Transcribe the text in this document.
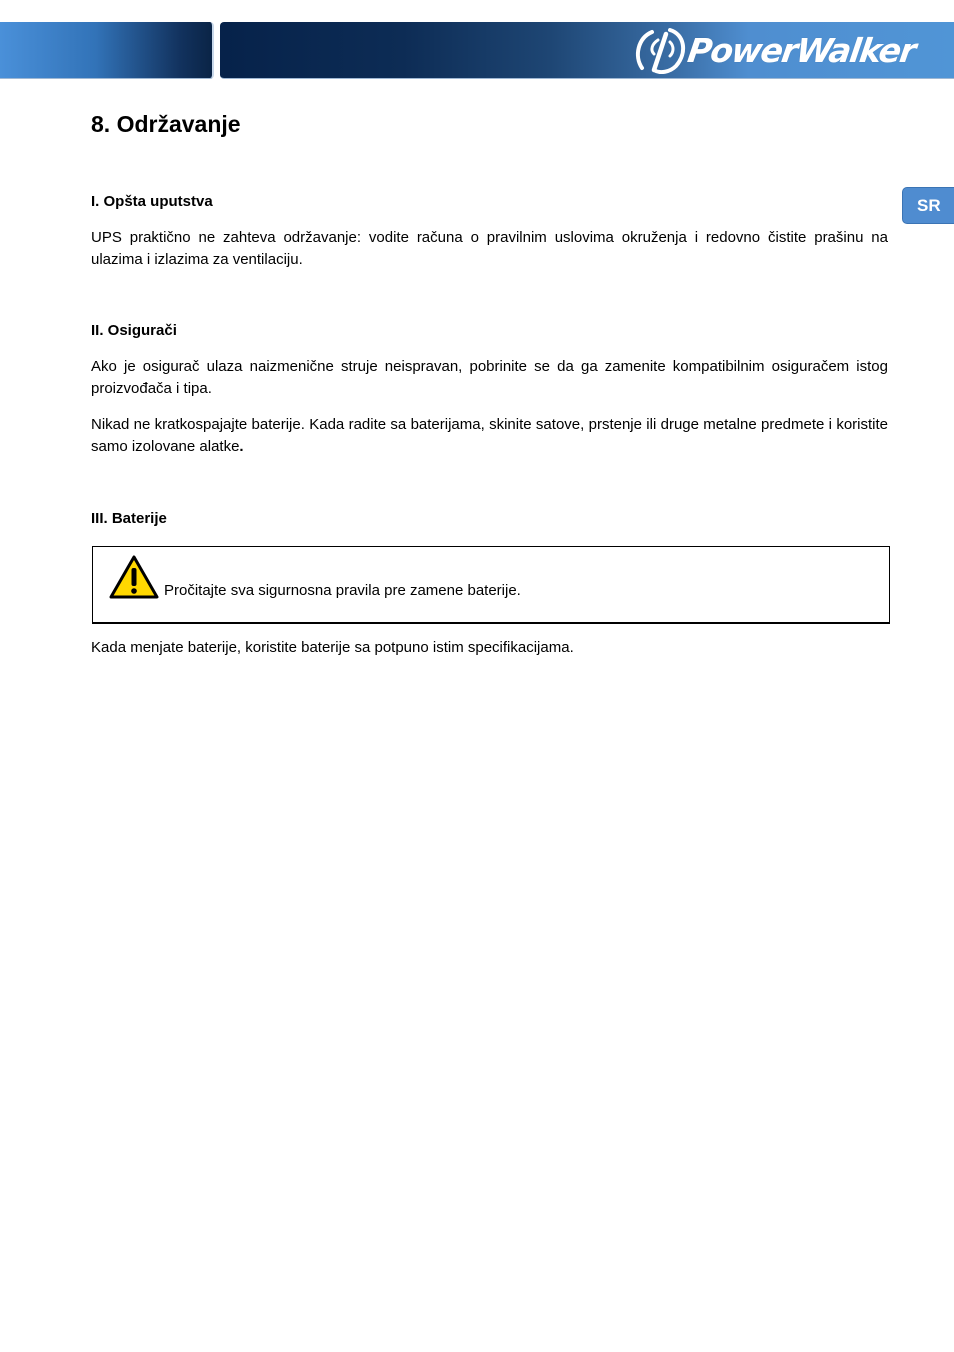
PowerWalker
SR
8. Održavanje
I. Opšta uputstva

UPS praktično ne zahteva održavanje: vodite računa o pravilnim uslovima okruženja i redovno čistite prašinu na ulazima i izlazima za ventilaciju.

II. Osigurači

Ako je osigurač ulaza naizmenične struje neispravan, pobrinite se da ga zamenite kompatibilnim osiguračem istog proizvođača i tipa.

Nikad ne kratkospajajte baterije. Kada radite sa baterijama, skinite satove, prstenje ili druge metalne predmete i koristite samo izolovane alatke.

III. Baterije
Pročitajte sva sigurnosna pravila pre zamene baterije.

Kada menjate baterije, koristite baterije sa potpuno istim specifikacijama.
